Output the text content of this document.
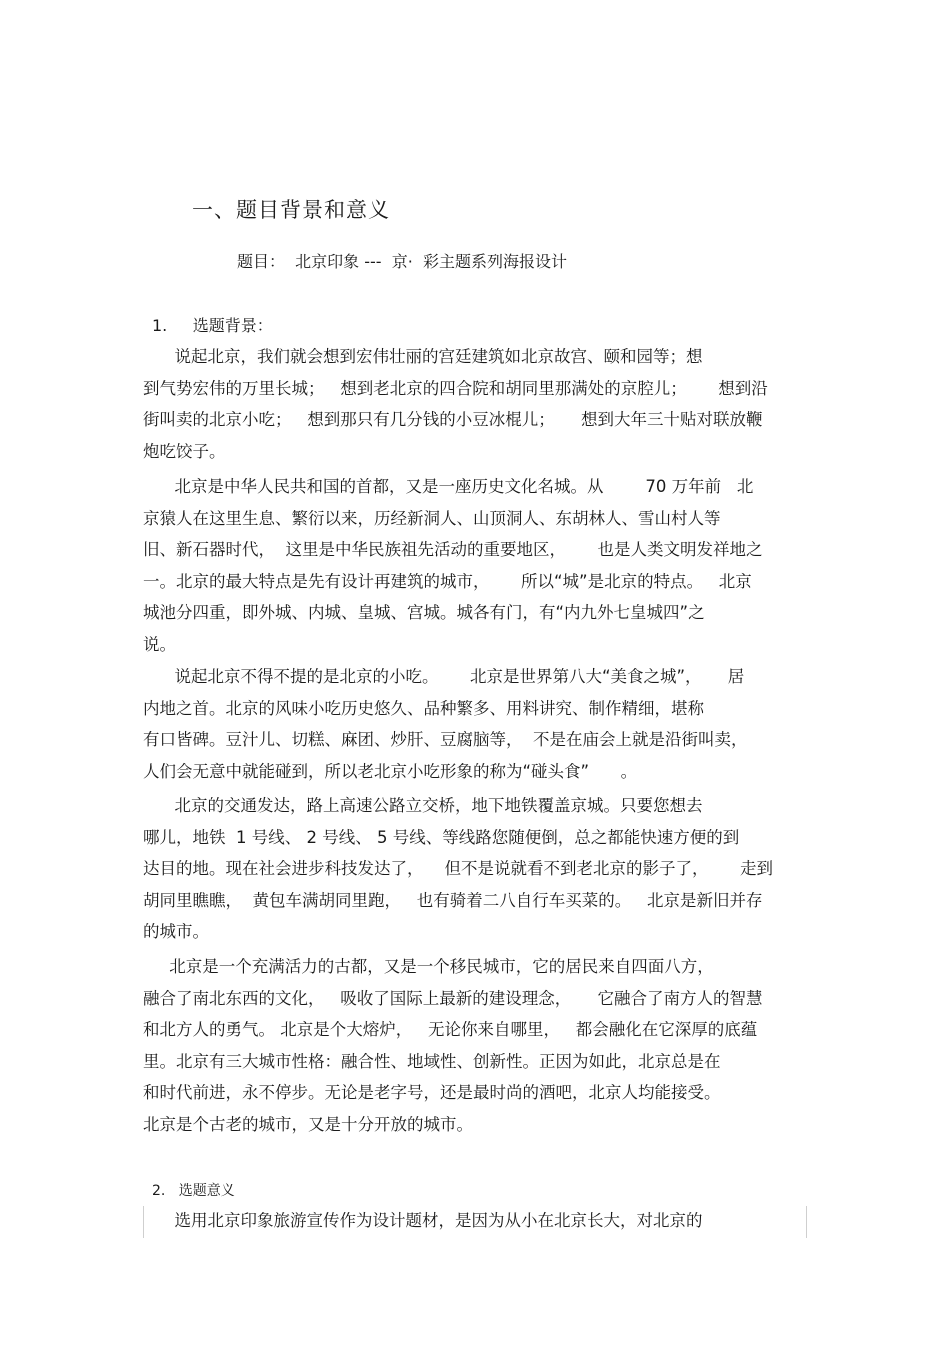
一、题目背景和意义
题目：  北京印象 ---  京·  彩主题系列海报设计
1.     选题背景：
说起北京，我们就会想到宏伟壮丽的宫廷建筑如北京故宫、颐和园等；想
到气势宏伟的万里长城；   想到老北京的四合院和胡同里那满处的京腔儿；      想到沿
街叫卖的北京小吃；   想到那只有几分钱的小豆冰棍儿；     想到大年三十贴对联放鞭
炮吃饺子。
北京是中华人民共和国的首都，又是一座历史文化名城。从        70 万年前   北
京猿人在这里生息、繁衍以来，历经新洞人、山顶洞人、东胡林人、雪山村人等
旧、新石器时代，  这里是中华民族祖先活动的重要地区，      也是人类文明发祥地之
一。北京的最大特点是先有设计再建筑的城市，      所以“城”是北京的特点。   北京
城池分四重，即外城、内城、皇城、宫城。城各有门，有“内九外七皇城四”之
说。
说起北京不得不提的是北京的小吃。      北京是世界第八大“美食之城”，     居
内地之首。北京的风味小吃历史悠久、品种繁多、用料讲究、制作精细，堪称
有口皆碑。豆汁儿、切糕、麻团、炒肝、豆腐脑等，  不是在庙会上就是沿街叫卖，
人们会无意中就能碰到，所以老北京小吃形象的称为“碰头食”      。
北京的交通发达，路上高速公路立交桥，地下地铁覆盖京城。只要您想去
哪儿，地铁  1 号线、 2 号线、 5 号线、等线路您随便倒，总之都能快速方便的到
达目的地。现在社会进步科技发达了，    但不是说就看不到老北京的影子了，      走到
胡同里瞧瞧，  黄包车满胡同里跑，   也有骑着二八自行车买菜的。   北京是新旧并存
的城市。
北京是一个充满活力的古都，又是一个移民城市，它的居民来自四面八方，
融合了南北东西的文化，   吸收了国际上最新的建设理念，     它融合了南方人的智慧
和北方人的勇气。 北京是个大熔炉，   无论你来自哪里，   都会融化在它深厚的底蕴
里。北京有三大城市性格：融合性、地域性、创新性。正因为如此，北京总是在
和时代前进，永不停步。无论是老字号，还是最时尚的酒吧，北京人均能接受。
北京是个古老的城市，又是十分开放的城市。
2.   选题意义
选用北京印象旅游宣传作为设计题材，是因为从小在北京长大，对北京的
